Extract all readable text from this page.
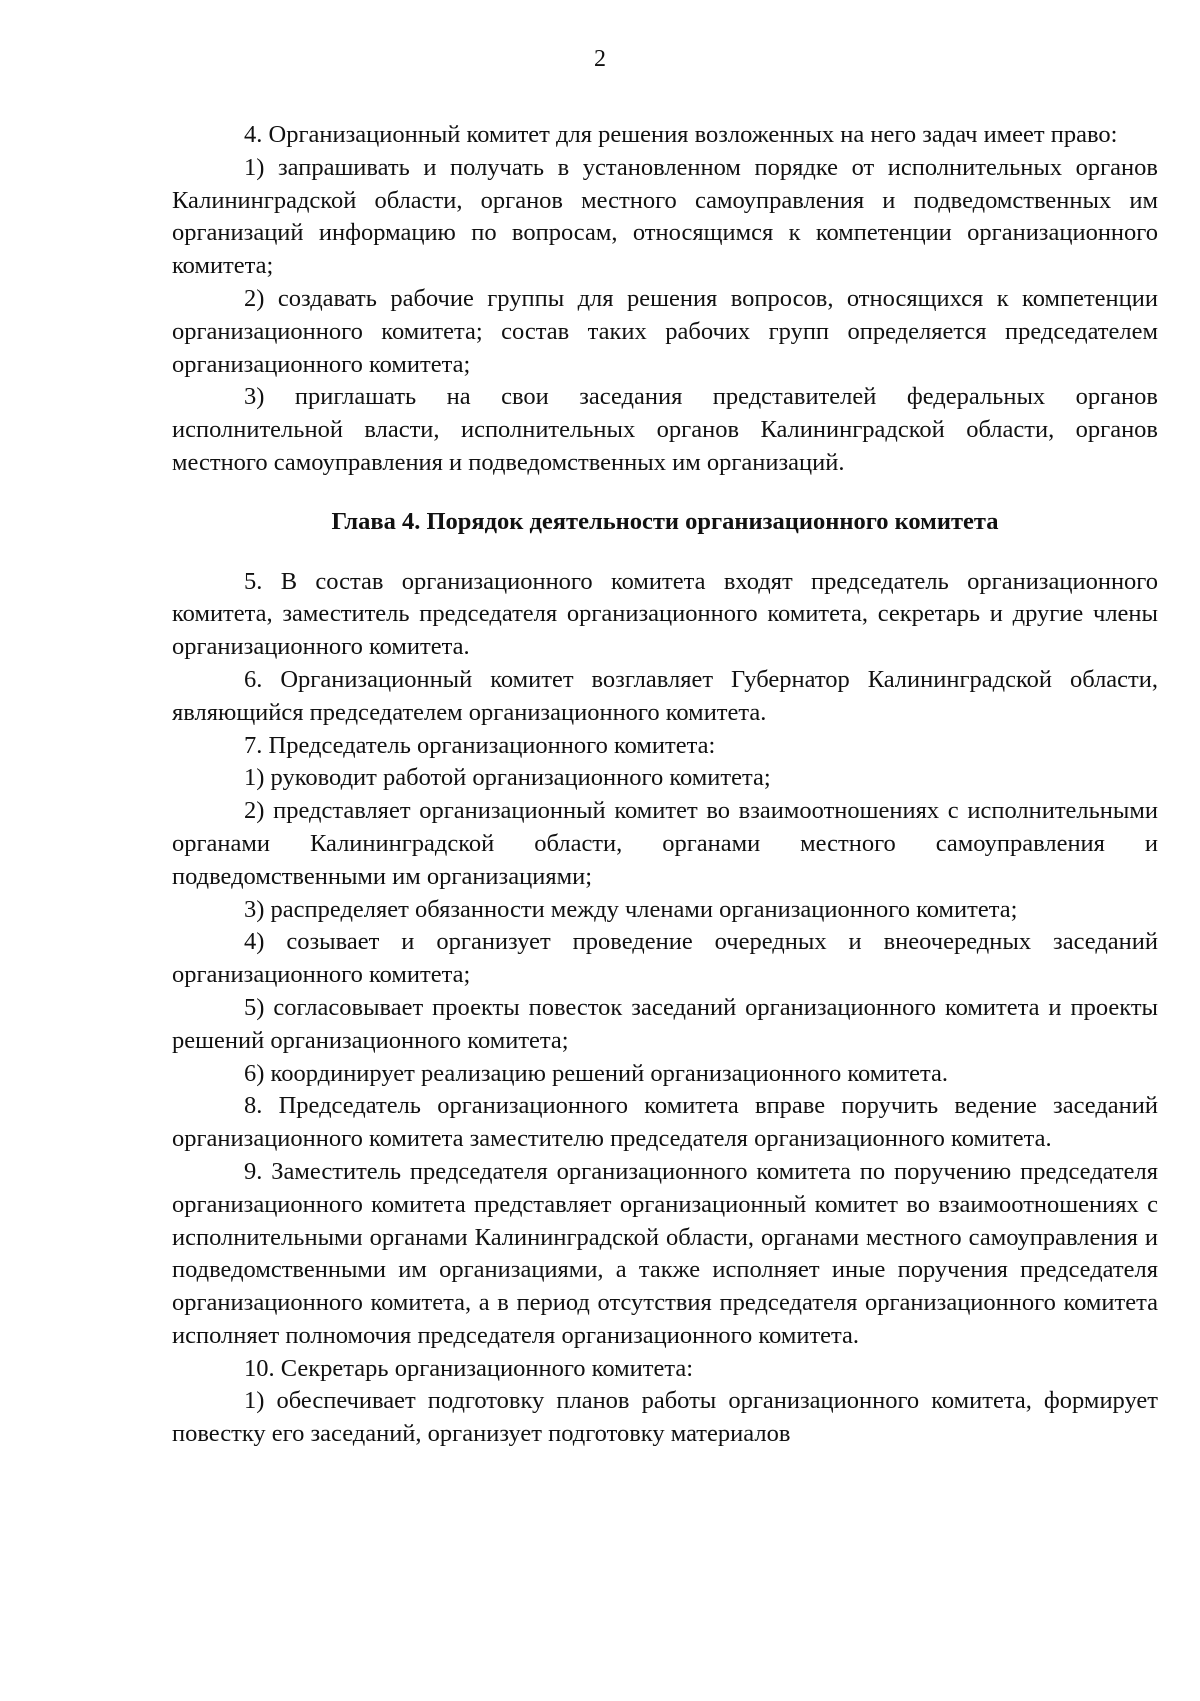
2

4. Организационный комитет для решения возложенных на него задач имеет право:

1) запрашивать и получать в установленном порядке от исполнительных органов Калининградской области, органов местного самоуправления и подведомственных им организаций информацию по вопросам, относящимся к компетенции организационного комитета;

2) создавать рабочие группы для решения вопросов, относящихся к компетенции организационного комитета; состав таких рабочих групп определяется председателем организационного комитета;

3) приглашать на свои заседания представителей федеральных органов исполнительной власти, исполнительных органов Калининградской области, органов местного самоуправления и подведомственных им организаций.

Глава 4. Порядок деятельности организационного комитета

5. В состав организационного комитета входят председатель организационного комитета, заместитель председателя организационного комитета, секретарь и другие члены организационного комитета.

6. Организационный комитет возглавляет Губернатор Калининградской области, являющийся председателем организационного комитета.

7. Председатель организационного комитета:

1) руководит работой организационного комитета;

2) представляет организационный комитет во взаимоотношениях с исполнительными органами Калининградской области, органами местного самоуправления и подведомственными им организациями;

3) распределяет обязанности между членами организационного комитета;

4) созывает и организует проведение очередных и внеочередных заседаний организационного комитета;

5) согласовывает проекты повесток заседаний организационного комитета и проекты решений организационного комитета;

6) координирует реализацию решений организационного комитета.

8. Председатель организационного комитета вправе поручить ведение заседаний организационного комитета заместителю председателя организационного комитета.

9. Заместитель председателя организационного комитета по поручению председателя организационного комитета представляет организационный комитет во взаимоотношениях с исполнительными органами Калининградской области, органами местного самоуправления и подведомственными им организациями, а также исполняет иные поручения председателя организационного комитета, а в период отсутствия председателя организационного комитета исполняет полномочия председателя организационного комитета.

10. Секретарь организационного комитета:

1) обеспечивает подготовку планов работы организационного комитета, формирует повестку его заседаний, организует подготовку материалов
